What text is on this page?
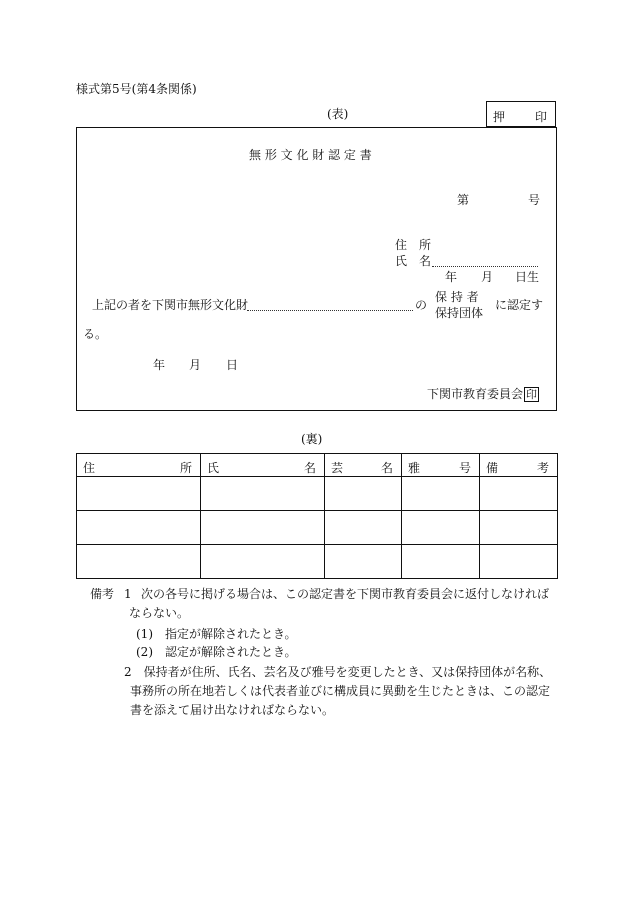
様式第5号(第4条関係)
(表)	押 印
無 形 文 化 財 認 定 書
第	号
住　所
氏　名
年 月 日生
上記の者を下関市無形文化財	の
保 持 者
保持団体
に認定す
る。
年 月 日
下関市教育委員会 印
(裏)
住 所	氏 名	芸 名	雅 号	備 考

備考 1 次の各号に掲げる場合は、この認定書を下関市教育委員会に返付しなければ
ならない。
(1)　指定が解除されたとき。
(2)　認定が解除されたとき。
2　保持者が住所、氏名、芸名及び雅号を変更したとき、又は保持団体が名称、
事務所の所在地若しくは代表者並びに構成員に異動を生じたときは、この認定
書を添えて届け出なければならない。
